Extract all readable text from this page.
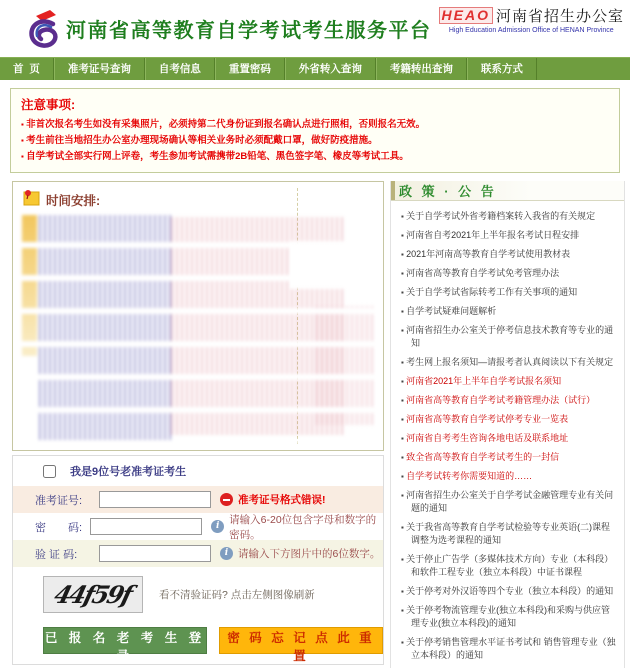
河南省高等教育自学考试考生服务平台
HEAO 河南省招生办公室
High Education Admission Office of HENAN Province
首  页	准考证号查询	自考信息	重置密码	外省转入查询	考籍转出查询	联系方式
注意事项:
▪ 非首次报名考生如没有采集照片，必须持第二代身份证到报名确认点进行照相，否则报名无效。
▪ 考生前往当地招生办公室办理现场确认等相关业务时必须配戴口罩，做好防疫措施。
▪ 自学考试全部实行网上评卷，考生参加考试需携带2B铅笔、黑色签字笔、橡皮等考试工具。
时间安排:
我是9位号老准考证考生
准考证号:	准考证号格式错误!
密　　码:	i
请输入6-20位包含字母和数字的密码。
验 证 码:	i 请输入下方图片中的6位数字。
44f59f 看不清验证码? 点击左侧图像刷新
已 报 名 老 考 生 登 录
密 码 忘 记 点 此 重 置
政 策 · 公 告
▪ 关于自学考试外省考籍档案转入我省的有关规定
▪ 河南省自考2021年上半年报名考试日程安排
▪ 2021年河南高等教育自学考试使用教材表
▪ 河南省高等教育自学考试免考管理办法
▪ 关于自学考试省际转考工作有关事项的通知
▪ 自学考试疑难问题解析
▪ 河南省招生办公室关于停考信息技术教育等专业的通知
▪ 考生网上报名须知—请报考者认真阅读以下有关规定
▪ 河南省2021年上半年自学考试报名须知
▪ 河南省高等教育自学考试考籍管理办法（试行）
▪ 河南省高等教育自学考试停考专业一览表
▪ 河南省自考考生咨询各地电话及联系地址
▪ 致全省高等教育自学考试考生的一封信
▪ 自学考试转考你需要知道的……
▪ 河南省招生办公室关于自学考试金融管理专业有关问题的通知
▪ 关于我省高等教育自学考试检验等专业英语(二)课程调整为选考课程的通知
▪ 关于停止广告学（多媒体技术方向）专业（本科段）和软件工程专业（独立本科段）中证书课程
▪ 关于停考对外汉语等四个专业（独立本科段）的通知
▪ 关于停考物流管理专业(独立本科段)和采购与供应管理专业(独立本科段)的通知
▪ 关于停考销售管理水平证书考试和 销售管理专业（独立本科段）的通知
